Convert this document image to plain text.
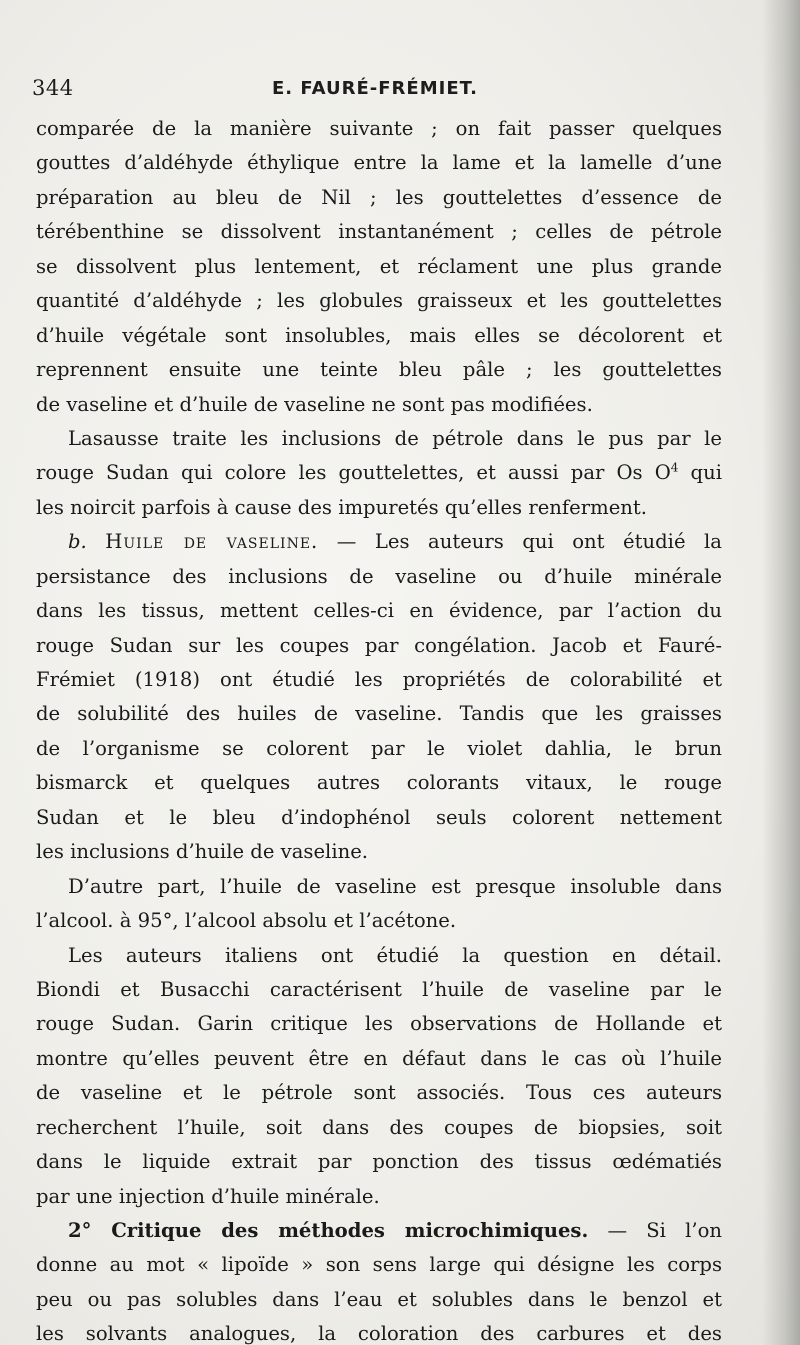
344	E. FAURÉ-FRÉMIET.
comparée de la manière suivante ; on fait passer quelques
gouttes d’aldéhyde éthylique entre la lame et la lamelle d’une
préparation au bleu de Nil ; les gouttelettes d’essence de
térébenthine se dissolvent instantanément ; celles de pétrole
se dissolvent plus lentement, et réclament une plus grande
quantité d’aldéhyde ; les globules graisseux et les gouttelettes
d’huile végétale sont insolubles, mais elles se décolorent et
reprennent ensuite une teinte bleu pâle ; les gouttelettes
de vaseline et d’huile de vaseline ne sont pas modifiées.
Lasausse traite les inclusions de pétrole dans le pus par le
rouge Sudan qui colore les gouttelettes, et aussi par Os $O^4$ qui
les noircit parfois à cause des impuretés qu’elles renferment.
b. Huile de vaseline. — Les auteurs qui ont étudié la
persistance des inclusions de vaseline ou d’huile minérale
dans les tissus, mettent celles-ci en évidence, par l’action du
rouge Sudan sur les coupes par congélation. Jacob et Fauré-
Frémiet (1918) ont étudié les propriétés de colorabilité et
de solubilité des huiles de vaseline. Tandis que les graisses
de l’organisme se colorent par le violet dahlia, le brun
bismarck et quelques autres colorants vitaux, le rouge
Sudan et le bleu d’indophénol seuls colorent nettement
les inclusions d’huile de vaseline.
D’autre part, l’huile de vaseline est presque insoluble dans
l’alcool. à 95°, l’alcool absolu et l’acétone.
Les auteurs italiens ont étudié la question en détail.
Biondi et Busacchi caractérisent l’huile de vaseline par le
rouge Sudan. Garin critique les observations de Hollande et
montre qu’elles peuvent être en défaut dans le cas où l’huile
de vaseline et le pétrole sont associés. Tous ces auteurs
recherchent l’huile, soit dans des coupes de biopsies, soit
dans le liquide extrait par ponction des tissus œdématiés
par une injection d’huile minérale.
2° Critique des méthodes microchimiques. — Si l’on
donne au mot « lipoïde » son sens large qui désigne les corps
peu ou pas solubles dans l’eau et solubles dans le benzol et
les solvants analogues, la coloration des carbures et des
